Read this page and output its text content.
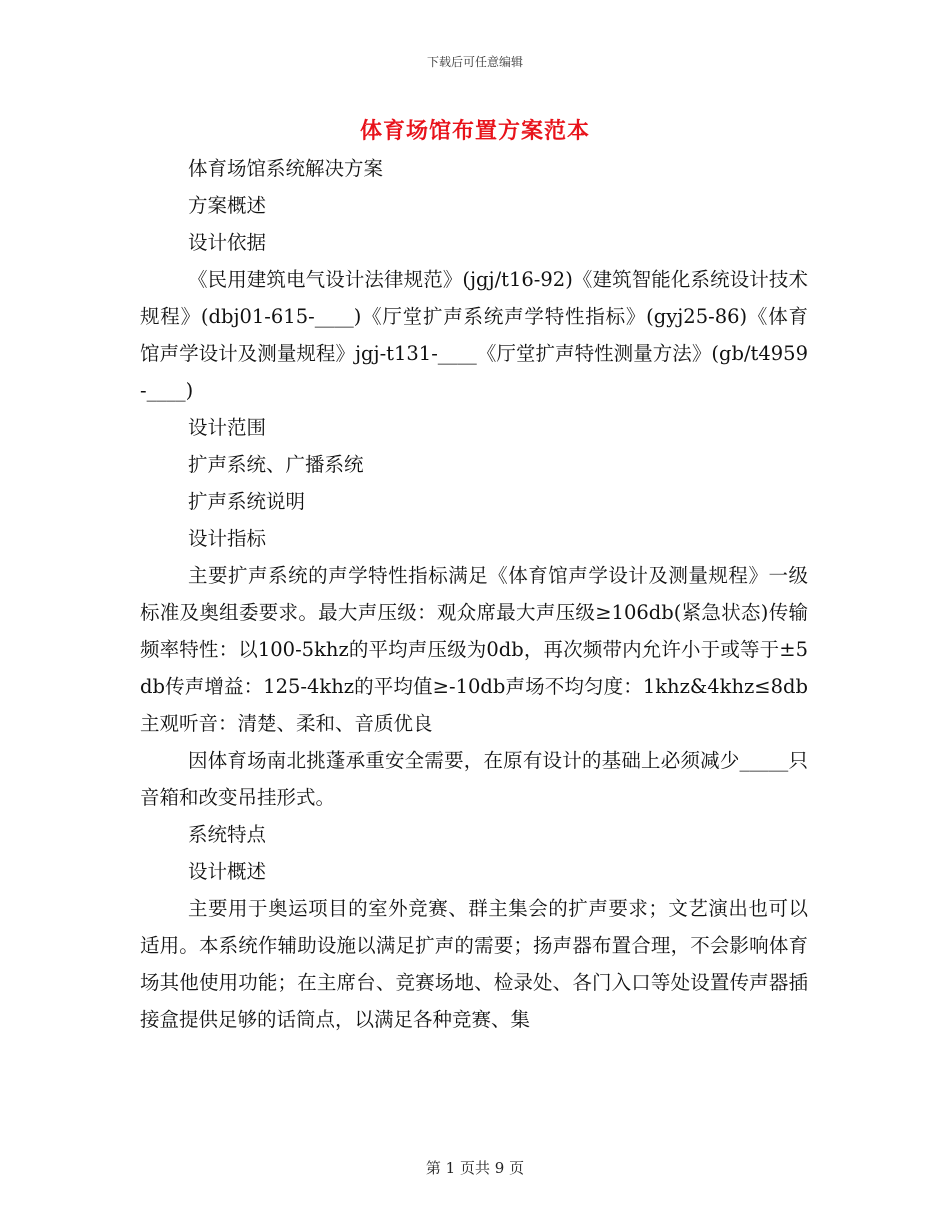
下载后可任意编辑
体育场馆布置方案范本

体育场馆系统解决方案

方案概述

设计依据

《民用建筑电气设计法律规范》(jgj/t16-92)《建筑智能化系统设计技术规程》(dbj01-615-____)《厅堂扩声系统声学特性指标》(gyj25-86)《体育馆声学设计及测量规程》jgj-t131-____《厅堂扩声特性测量方法》(gb/t4959-____)

设计范围

扩声系统、广播系统

扩声系统说明

设计指标

主要扩声系统的声学特性指标满足《体育馆声学设计及测量规程》一级标准及奥组委要求。最大声压级：观众席最大声压级≥106db(紧急状态)传输频率特性：以100-5khz的平均声压级为0db，再次频带内允许小于或等于±5db传声增益：125-4khz的平均值≥-10db声场不均匀度：1khz&4khz≤8db主观听音：清楚、柔和、音质优良

因体育场南北挑蓬承重安全需要，在原有设计的基础上必须减少_____只音箱和改变吊挂形式。

系统特点

设计概述

主要用于奥运项目的室外竞赛、群主集会的扩声要求；文艺演出也可以适用。本系统作辅助设施以满足扩声的需要；扬声器布置合理，不会影响体育场其他使用功能；在主席台、竞赛场地、检录处、各门入口等处设置传声器插接盒提供足够的话筒点，以满足各种竞赛、集

第 1 页共 9 页
